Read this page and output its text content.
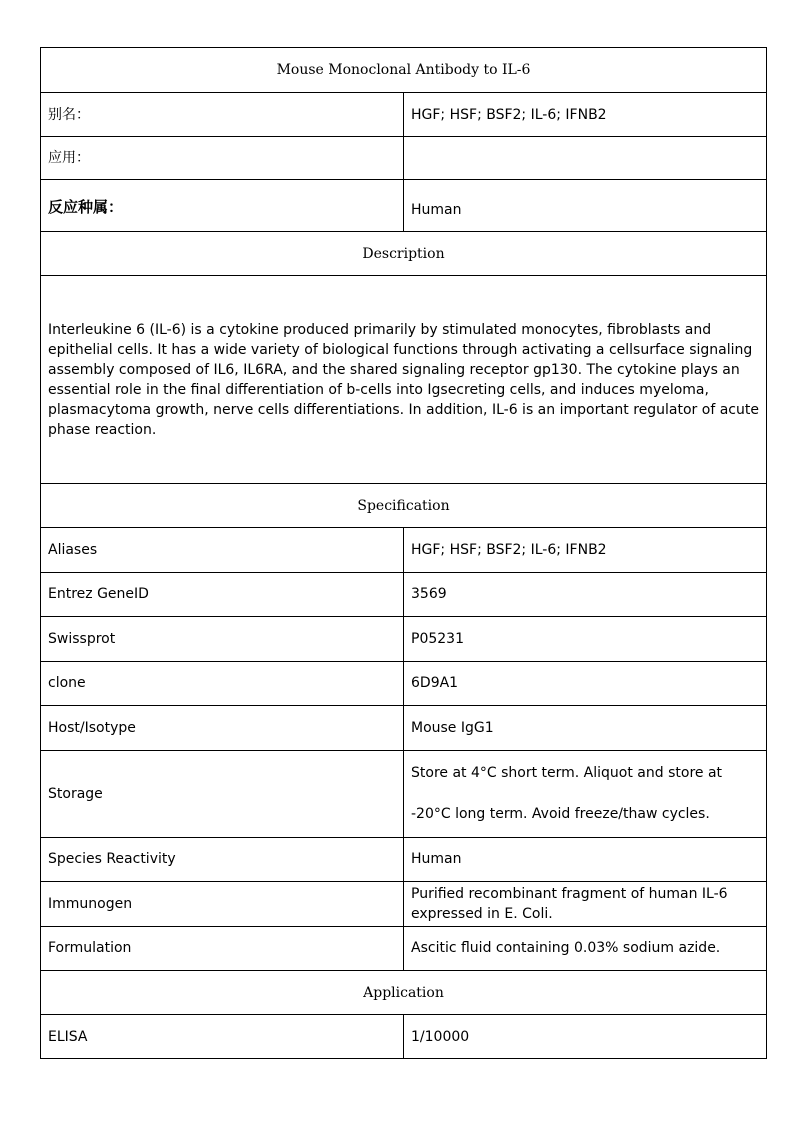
Mouse Monoclonal Antibody to IL-6	
别名：	HGF; HSF; BSF2; IL-6; IFNB2
应用：	
反应种属：	Human
Description	
Interleukine 6 (IL-6) is a cytokine produced primarily by stimulated monocytes, fibroblasts and epithelial cells. It has a wide variety of biological functions through activating a cellsurface signaling assembly composed of IL6, IL6RA, and the shared signaling receptor gp130. The cytokine plays an essential role in the final differentiation of b-cells into Igsecreting cells, and induces myeloma, plasmacytoma growth, nerve cells differentiations. In addition, IL-6 is an important regulator of acute phase reaction.	
Specification	
Aliases	HGF; HSF; BSF2; IL-6; IFNB2
Entrez GeneID	3569
Swissprot	P05231
clone	6D9A1
Host/Isotype	Mouse IgG1
Storage	Store at 4°C short term. Aliquot and store at -20°C long term. Avoid freeze/thaw cycles.
Species Reactivity	Human
Immunogen	Purified recombinant fragment of human IL-6 expressed in E. Coli.
Formulation	Ascitic fluid containing 0.03% sodium azide.
Application	
ELISA	1/10000
